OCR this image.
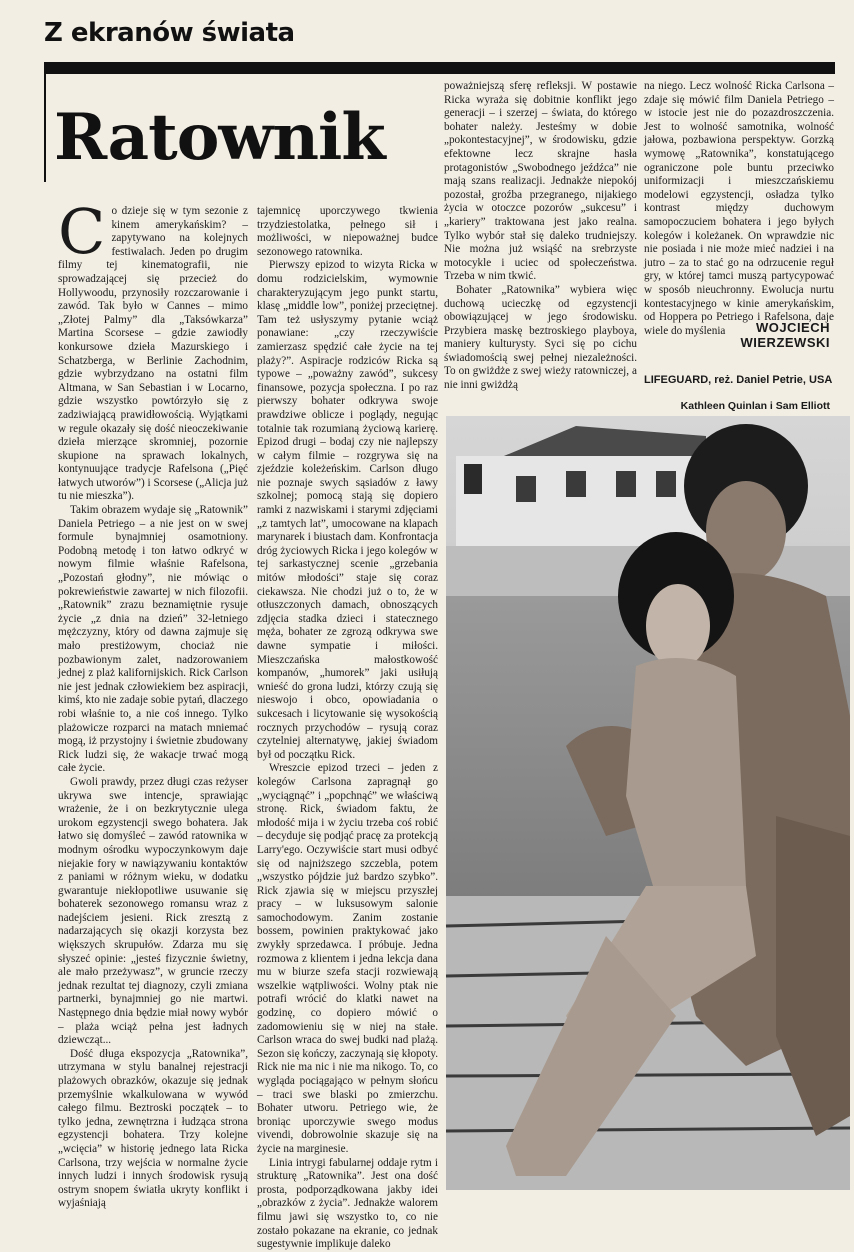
Z ekranów świata
Ratownik
C o dzieje się w tym sezonie z kinem amerykańskim? – zapytywano na kolejnych festiwalach. Jeden po drugim filmy tej kinematografii, nie sprowadzającej się przecież do Hollywoodu, przynosiły rozczarowanie i zawód. Tak było w Cannes – mimo „Złotej Palmy” dla „Taksówkarza” Martina Scorsese – gdzie zawiodły konkursowe dzieła Mazurskiego i Schatzberga, w Berlinie Zachodnim, gdzie wybrzydzano na ostatni film Altmana, w San Sebastian i w Locarno, gdzie wszystko powtórzyło się z zadziwiającą prawidłowością. Wyjątkami w regule okazały się dość nieoczekiwanie dzieła mierzące skromniej, pozornie skupione na sprawach lokalnych, kontynuujące tradycje Rafelsona („Pięć łatwych utworów”) i Scorsese („Alicja już tu nie mieszka”).

Takim obrazem wydaje się „Ratownik” Daniela Petriego – a nie jest on w swej formule bynajmniej osamotniony. Podobną metodę i ton łatwo odkryć w nowym filmie właśnie Rafelsona, „Pozostań głodny”, nie mówiąc o pokrewieństwie zawartej w nich filozofii. „Ratownik” zrazu beznamiętnie rysuje życie „z dnia na dzień” 32-letniego mężczyzny, który od dawna zajmuje się mało prestiżowym, chociaż nie pozbawionym zalet, nadzorowaniem jednej z plaż kalifornijskich. Rick Carlson nie jest jednak człowiekiem bez aspiracji, kimś, kto nie zadaje sobie pytań, dlaczego robi właśnie to, a nie coś innego. Tylko plażowicze rozparci na matach mniemać mogą, iż przystojny i świetnie zbudowany Rick ludzi się, że wakacje trwać mogą całe życie.

Gwoli prawdy, przez długi czas reżyser ukrywa swe intencje, sprawiając wrażenie, że i on bezkrytycznie ulega urokom egzystencji swego bohatera. Jak łatwo się domyśleć – zawód ratownika w modnym ośrodku wypoczynkowym daje niejakie fory w nawiązywaniu kontaktów z paniami w różnym wieku, w dodatku gwarantuje niekłopotliwe usuwanie się bohaterek sezonowego romansu wraz z nadejściem jesieni. Rick zresztą z nadarzających się okazji korzysta bez większych skrupułów. Zdarza mu się słyszeć opinie: „jesteś fizycznie świetny, ale mało przeżywasz”, w gruncie rzeczy jednak rezultat tej diagnozy, czyli zmiana partnerki, bynajmniej go nie martwi. Następnego dnia będzie miał nowy wybór – plaża wciąż pełna jest ładnych dziewcząt...

Dość długa ekspozycja „Ratownika”, utrzymana w stylu banalnej rejestracji plażowych obrazków, okazuje się jednak przemyślnie wkalkulowana w wywód całego filmu. Beztroski początek – to tylko jedna, zewnętrzna i łudząca strona egzystencji bohatera. Trzy kolejne „wcięcia” w historię jednego lata Ricka Carlsona, trzy wejścia w normalne życie innych ludzi i innych środowisk rysują ostrym snopem światła ukryty konflikt i wyjaśniają

tajemnicę uporczywego tkwienia trzydziestolatka, pełnego sił i możliwości, w niepoważnej budce sezonowego ratownika.

Pierwszy epizod to wizyta Ricka w domu rodzicielskim, wymownie charakteryzującym jego punkt startu, klasę „middle low”, poniżej przeciętnej. Tam też usłyszymy pytanie wciąż ponawiane: „czy rzeczywiście zamierzasz spędzić całe życie na tej plaży?”. Aspiracje rodziców Ricka są typowe – „poważny zawód”, sukcesy finansowe, pozycja społeczna. I po raz pierwszy bohater odkrywa swoje prawdziwe oblicze i poglądy, negując totalnie tak rozumianą życiową karierę. Epizod drugi – bodaj czy nie najlepszy w całym filmie – rozgrywa się na zjeździe koleżeńskim. Carlson długo nie poznaje swych sąsiadów z ławy szkolnej; pomocą stają się dopiero ramki z nazwiskami i starymi zdjęciami „z tamtych lat”, umocowane na klapach marynarek i biustach dam. Konfrontacja dróg życiowych Ricka i jego kolegów w tej sarkastycznej scenie „grzebania mitów młodości” staje się coraz ciekawsza. Nie chodzi już o to, że w otłuszczonych damach, obnoszących zdjęcia stadka dzieci i statecznego męża, bohater ze zgrozą odkrywa swe dawne sympatie i miłości. Mieszczańska małostkowość kompanów, „humorek” jaki usiłują wnieść do grona ludzi, którzy czują się nieswojo i obco, opowiadania o sukcesach i licytowanie się wysokością rocznych przychodów – rysują coraz czytelniej alternatywę, jakiej świadom był od początku Rick.

Wreszcie epizod trzeci – jeden z kolegów Carlsona zapragnął go „wyciągnąć” i „popchnąć” we właściwą stronę. Rick, świadom faktu, że młodość mija i w życiu trzeba coś robić – decyduje się podjąć pracę za protekcją Larry'ego. Oczywiście start musi odbyć się od najniższego szczebla, potem „wszystko pójdzie już bardzo szybko”. Rick zjawia się w miejscu przyszłej pracy – w luksusowym salonie samochodowym. Zanim zostanie bossem, powinien praktykować jako zwykły sprzedawca. I próbuje. Jedna rozmowa z klientem i jedna lekcja dana mu w biurze szefa stacji rozwiewają wszelkie wątpliwości. Wolny ptak nie potrafi wrócić do klatki nawet na godzinę, co dopiero mówić o zadomowieniu się w niej na stałe. Carlson wraca do swej budki nad plażą. Sezon się kończy, zaczynają się kłopoty. Rick nie ma nic i nie ma nikogo. To, co wygląda pociągająco w pełnym słońcu – traci swe blaski po zmierzchu. Bohater utworu. Petriego wie, że broniąc uporczywie swego modus vivendi, dobrowolnie skazuje się na życie na marginesie.

Linia intrygi fabularnej oddaje rytm i strukturę „Ratownika”. Jest ona dość prosta, podporządkowana jakby idei „obrazków z życia”. Jednakże walorem filmu jawi się wszystko to, co nie zostało pokazane na ekranie, co jednak sugestywnie implikuje daleko

poważniejszą sferę refleksji. W postawie Ricka wyraża się dobitnie konflikt jego generacji – i szerzej – świata, do którego bohater należy. Jesteśmy w dobie „pokontestacyjnej”, w środowisku, gdzie efektowne lecz skrajne hasła protagonistów „Swobodnego jeźdźca” nie mają szans realizacji. Jednakże niepokój pozostał, groźba przegranego, nijakiego życia w otoczce pozorów „sukcesu” i „kariery” traktowana jest jako realna. Tylko wybór stał się daleko trudniejszy. Nie można już wsiąść na srebrzyste motocykle i uciec od społeczeństwa. Trzeba w nim tkwić.

Bohater „Ratownika” wybiera więc duchową ucieczkę od egzystencji obowiązującej w jego środowisku. Przybiera maskę beztroskiego playboya, maniery kulturysty. Syci się po cichu świadomością swej pełnej niezależności. To on gwiżdże z swej wieży ratowniczej, a nie inni gwiżdżą

na niego. Lecz wolność Ricka Carlsona – zdaje się mówić film Daniela Petriego – w istocie jest nie do pozazdroszczenia. Jest to wolność samotnika, wolność jałowa, pozbawiona perspektyw. Gorzką wymowę „Ratownika”, konstatującego ograniczone pole buntu przeciwko uniformizacji i mieszczańskiemu modelowi egzystencji, osładza tylko kontrast między duchowym samopoczuciem bohatera i jego byłych kolegów i koleżanek. On wprawdzie nic nie posiada i nie może mieć nadziei i na jutro – za to stać go na odrzucenie reguł gry, w której tamci muszą partycypować w sposób nieuchronny. Ewolucja nurtu kontestacyjnego w kinie amerykańskim, od Hoppera po Petriego i Rafelsona, daje wiele do myślenia	WOJCIECH
WIERZEWSKI
LIFEGUARD, reż. Daniel Petrie, USA
Kathleen Quinlan i Sam Elliott
